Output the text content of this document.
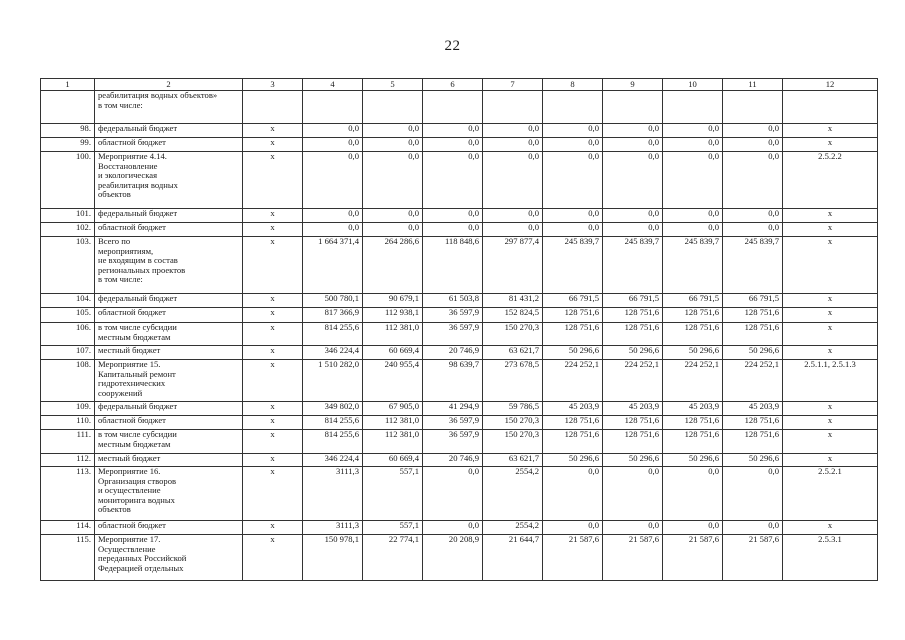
22
1	2	3	4	5	6	7	8	9	10	11	12
	реабилитация водных объектов»
в том числе:										
98.	федеральный бюджет	х	0,0	0,0	0,0	0,0	0,0	0,0	0,0	0,0	х
99.	областной бюджет	х	0,0	0,0	0,0	0,0	0,0	0,0	0,0	0,0	х
100.	Мероприятие 4.14.
Восстановление
и экологическая
реабилитация водных
объектов	х	0,0	0,0	0,0	0,0	0,0	0,0	0,0	0,0	2.5.2.2
101.	федеральный бюджет	х	0,0	0,0	0,0	0,0	0,0	0,0	0,0	0,0	х
102.	областной бюджет	х	0,0	0,0	0,0	0,0	0,0	0,0	0,0	0,0	х
103.	Всего по
мероприятиям,
не входящим в состав
региональных проектов
в том числе:	х	1 664 371,4	264 286,6	118 848,6	297 877,4	245 839,7	245 839,7	245 839,7	245 839,7	х
104.	федеральный бюджет	х	500 780,1	90 679,1	61 503,8	81 431,2	66 791,5	66 791,5	66 791,5	66 791,5	х
105.	областной бюджет	х	817 366,9	112 938,1	36 597,9	152 824,5	128 751,6	128 751,6	128 751,6	128 751,6	х
106.	в том числе субсидии
местным бюджетам	х	814 255,6	112 381,0	36 597,9	150 270,3	128 751,6	128 751,6	128 751,6	128 751,6	х
107.	местный бюджет	х	346 224,4	60 669,4	20 746,9	63 621,7	50 296,6	50 296,6	50 296,6	50 296,6	х
108.	Мероприятие 15.
Капитальный ремонт
гидротехнических
сооружений	х	1 510 282,0	240 955,4	98 639,7	273 678,5	224 252,1	224 252,1	224 252,1	224 252,1	2.5.1.1, 2.5.1.3
109.	федеральный бюджет	х	349 802,0	67 905,0	41 294,9	59 786,5	45 203,9	45 203,9	45 203,9	45 203,9	х
110.	областной бюджет	х	814 255,6	112 381,0	36 597,9	150 270,3	128 751,6	128 751,6	128 751,6	128 751,6	х
111.	в том числе субсидии
местным бюджетам	х	814 255,6	112 381,0	36 597,9	150 270,3	128 751,6	128 751,6	128 751,6	128 751,6	х
112.	местный бюджет	х	346 224,4	60 669,4	20 746,9	63 621,7	50 296,6	50 296,6	50 296,6	50 296,6	х
113.	Мероприятие 16.
Организация створов
и осуществление
мониторинга водных
объектов	х	3111,3	557,1	0,0	2554,2	0,0	0,0	0,0	0,0	2.5.2.1
114.	областной бюджет	х	3111,3	557,1	0,0	2554,2	0,0	0,0	0,0	0,0	х
115.	Мероприятие 17.
Осуществление
переданных Российской
Федерацией отдельных	х	150 978,1	22 774,1	20 208,9	21 644,7	21 587,6	21 587,6	21 587,6	21 587,6	2.5.3.1
